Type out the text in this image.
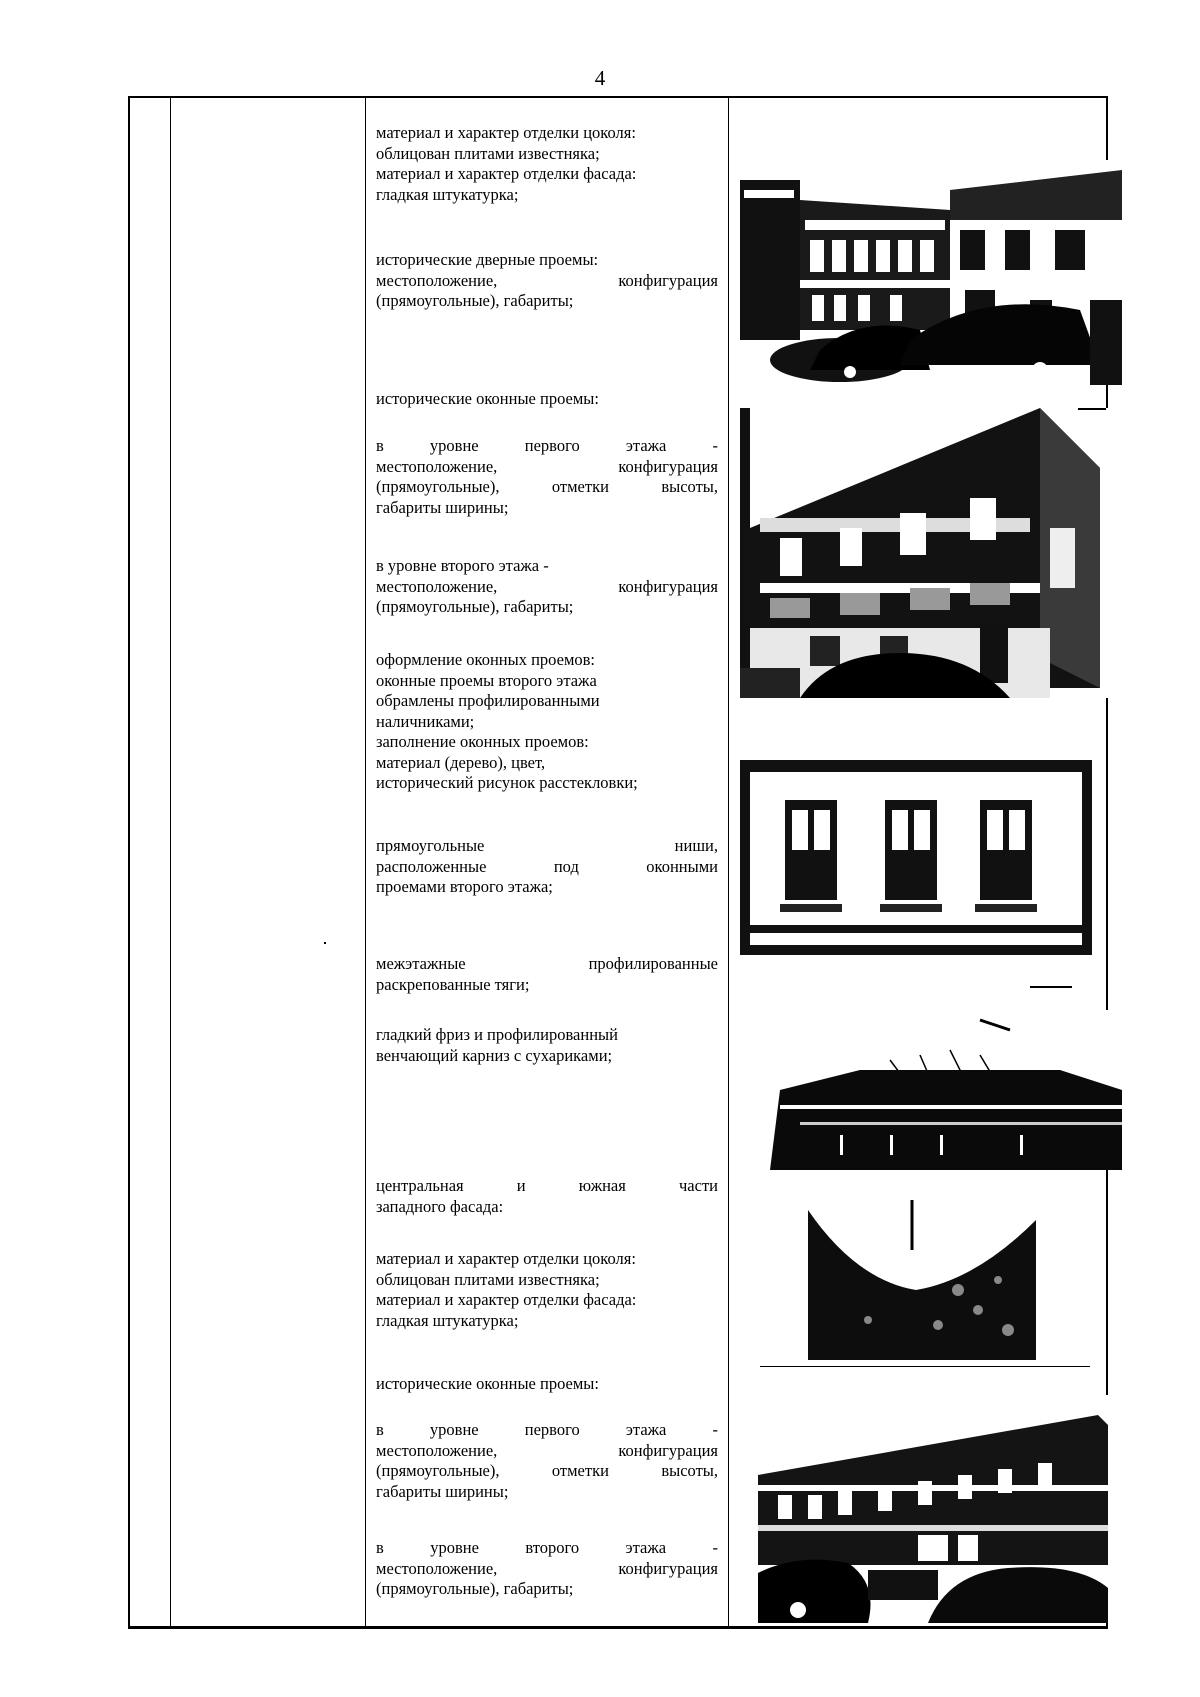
4

материал и характер отделки цоколя:

облицован плитами известняка;

материал и характер отделки фасада:

гладкая штукатурка;

исторические дверные проемы:

местоположение, конфигурация

(прямоугольные), габариты;

исторические оконные проемы:

в уровне первого этажа -

местоположение, конфигурация

(прямоугольные), отметки высоты,

габариты ширины;

в уровне второго этажа -

местоположение, конфигурация

(прямоугольные), габариты;

оформление оконных проемов:

оконные проемы второго этажа

обрамлены профилированными

наличниками;

заполнение оконных проемов:

материал (дерево), цвет,

исторический рисунок расстекловки;

прямоугольные ниши,

расположенные под оконными

проемами второго этажа;

межэтажные профилированные

раскрепованные тяги;

гладкий фриз и профилированный

венчающий карниз с сухариками;

центральная и южная части

западного фасада:

материал и характер отделки цоколя:

облицован плитами известняка;

материал и характер отделки фасада:

гладкая штукатурка;

исторические оконные проемы:

в уровне первого этажа -

местоположение, конфигурация

(прямоугольные), отметки высоты,

габариты ширины;

в уровне второго этажа -

местоположение, конфигурация

(прямоугольные), габариты;
